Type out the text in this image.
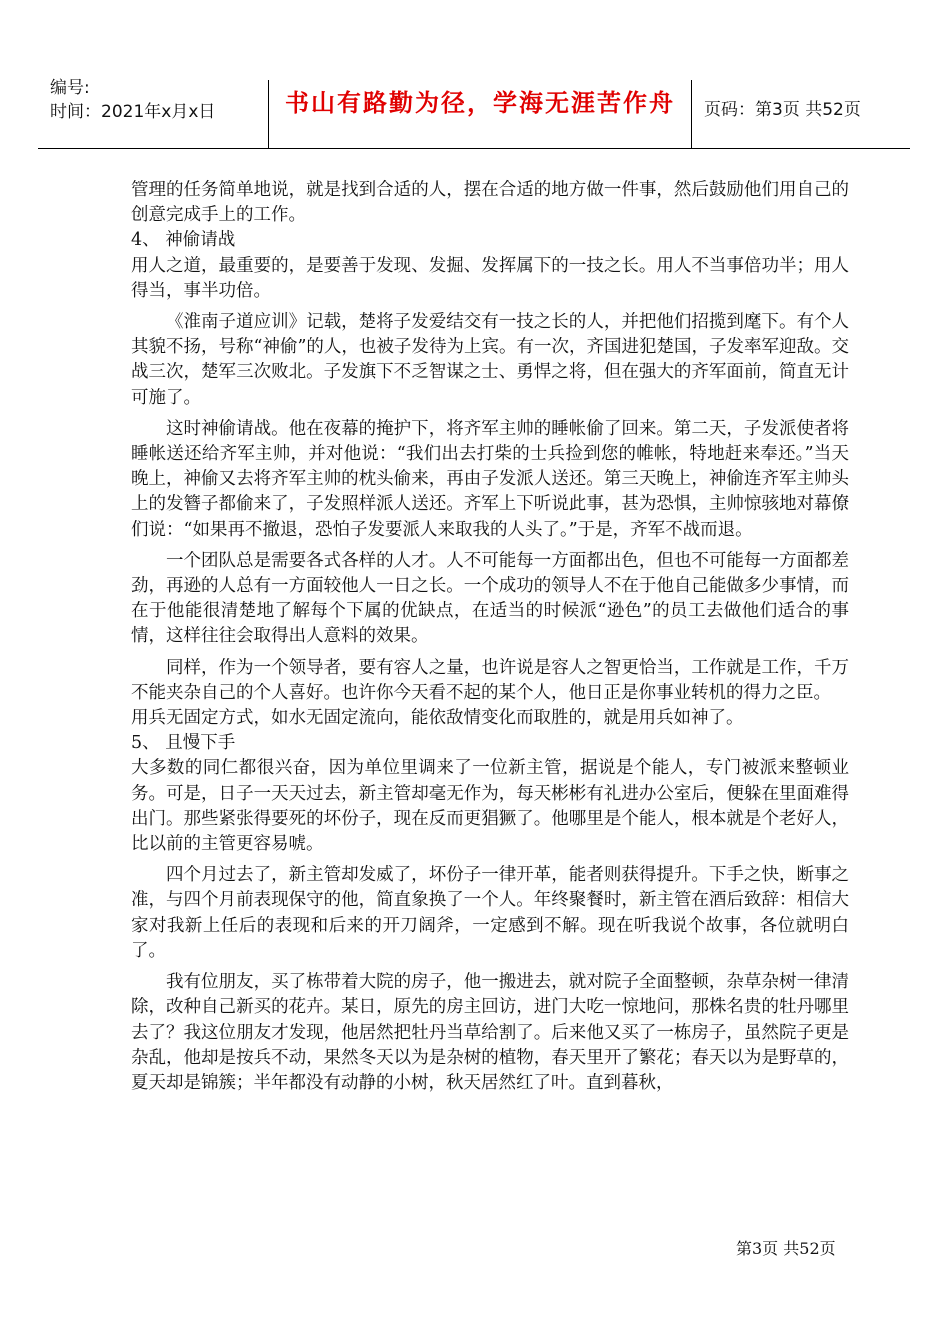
编号:
时间：2021年x月x日	书山有路勤为径，学海无涯苦作舟	页码：第3页 共52页

管理的任务简单地说，就是找到合适的人，摆在合适的地方做一件事，然后鼓励他们用自己的创意完成手上的工作。

4、 神偷请战

用人之道，最重要的，是要善于发现、发掘、发挥属下的一技之长。用人不当事倍功半；用人得当，事半功倍。

《淮南子道应训》记载，楚将子发爱结交有一技之长的人，并把他们招揽到麾下。有个人其貌不扬，号称“神偷”的人，也被子发待为上宾。有一次，齐国进犯楚国，子发率军迎敌。交战三次，楚军三次败北。子发旗下不乏智谋之士、勇悍之将，但在强大的齐军面前，简直无计可施了。

这时神偷请战。他在夜幕的掩护下，将齐军主帅的睡帐偷了回来。第二天，子发派使者将睡帐送还给齐军主帅，并对他说：“我们出去打柴的士兵捡到您的帷帐，特地赶来奉还。”当天晚上，神偷又去将齐军主帅的枕头偷来，再由子发派人送还。第三天晚上，神偷连齐军主帅头上的发簪子都偷来了，子发照样派人送还。齐军上下听说此事，甚为恐惧，主帅惊骇地对幕僚们说：“如果再不撤退，恐怕子发要派人来取我的人头了。”于是，齐军不战而退。

一个团队总是需要各式各样的人才。人不可能每一方面都出色，但也不可能每一方面都差劲，再逊的人总有一方面较他人一日之长。一个成功的领导人不在于他自己能做多少事情，而在于他能很清楚地了解每个下属的优缺点，在适当的时候派“逊色”的员工去做他们适合的事情，这样往往会取得出人意料的效果。

同样，作为一个领导者，要有容人之量，也许说是容人之智更恰当，工作就是工作，千万不能夹杂自己的个人喜好。也许你今天看不起的某个人，他日正是你事业转机的得力之臣。

用兵无固定方式，如水无固定流向，能依敌情变化而取胜的，就是用兵如神了。

5、 且慢下手

大多数的同仁都很兴奋，因为单位里调来了一位新主管，据说是个能人，专门被派来整顿业务。可是，日子一天天过去，新主管却毫无作为，每天彬彬有礼进办公室后，便躲在里面难得出门。那些紧张得要死的坏份子，现在反而更猖獗了。他哪里是个能人，根本就是个老好人，比以前的主管更容易唬。

四个月过去了，新主管却发威了，坏份子一律开革，能者则获得提升。下手之快，断事之准，与四个月前表现保守的他，简直象换了一个人。年终聚餐时，新主管在酒后致辞：相信大家对我新上任后的表现和后来的开刀阔斧，一定感到不解。现在听我说个故事，各位就明白了。

我有位朋友，买了栋带着大院的房子，他一搬进去，就对院子全面整顿，杂草杂树一律清除，改种自己新买的花卉。某日，原先的房主回访，进门大吃一惊地问，那株名贵的牡丹哪里去了？我这位朋友才发现，他居然把牡丹当草给割了。后来他又买了一栋房子，虽然院子更是杂乱，他却是按兵不动，果然冬天以为是杂树的植物，春天里开了繁花；春天以为是野草的，夏天却是锦簇；半年都没有动静的小树，秋天居然红了叶。直到暮秋，

第3页 共52页
